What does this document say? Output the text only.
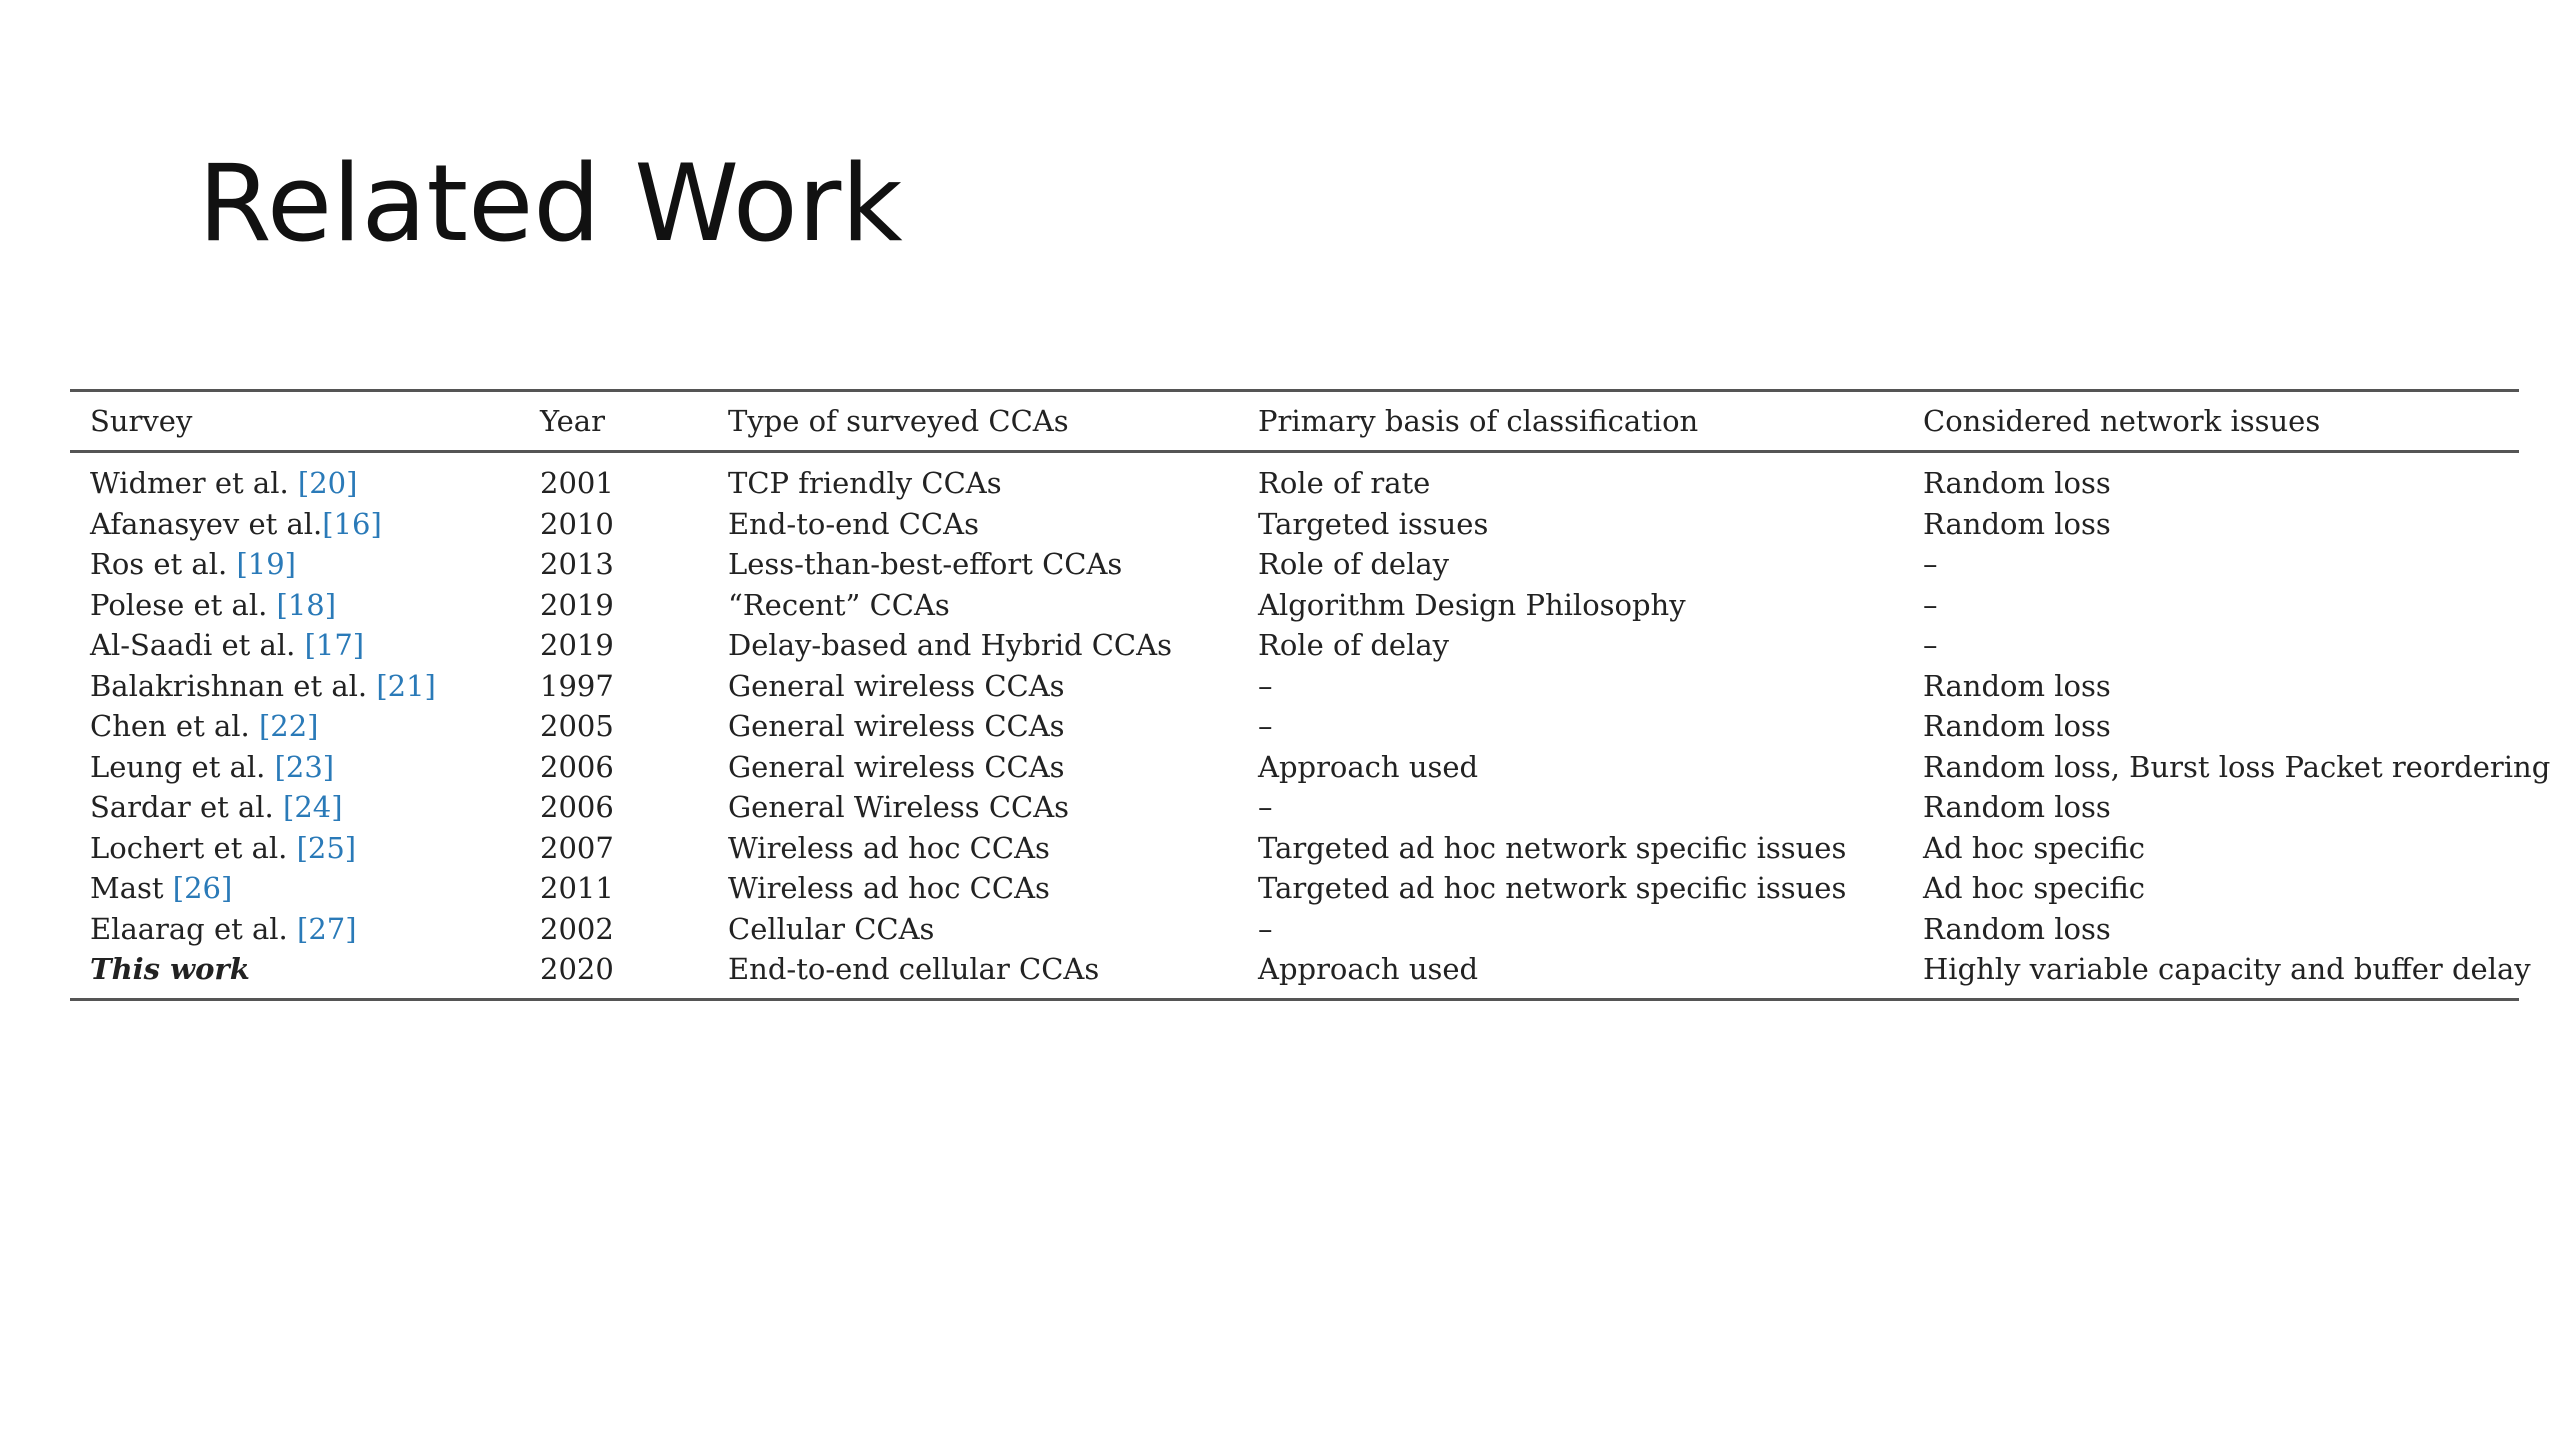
Related Work
Survey	Year	Type of surveyed CCAs	Primary basis of classification	Considered network issues
Widmer et al. [20]	2001	TCP friendly CCAs	Role of rate	Random loss
Afanasyev et al.[16]	2010	End-to-end CCAs	Targeted issues	Random loss
Ros et al. [19]	2013	Less-than-best-effort CCAs	Role of delay	–
Polese et al. [18]	2019	“Recent” CCAs	Algorithm Design Philosophy	–
Al-Saadi et al. [17]	2019	Delay-based and Hybrid CCAs	Role of delay	–
Balakrishnan et al. [21]	1997	General wireless CCAs	–	Random loss
Chen et al. [22]	2005	General wireless CCAs	–	Random loss
Leung et al. [23]	2006	General wireless CCAs	Approach used	Random loss, Burst loss Packet reordering
Sardar et al. [24]	2006	General Wireless CCAs	–	Random loss
Lochert et al. [25]	2007	Wireless ad hoc CCAs	Targeted ad hoc network specific issues	Ad hoc specific
Mast [26]	2011	Wireless ad hoc CCAs	Targeted ad hoc network specific issues	Ad hoc specific
Elaarag et al. [27]	2002	Cellular CCAs	–	Random loss
This work	2020	End-to-end cellular CCAs	Approach used	Highly variable capacity and buffer delay
